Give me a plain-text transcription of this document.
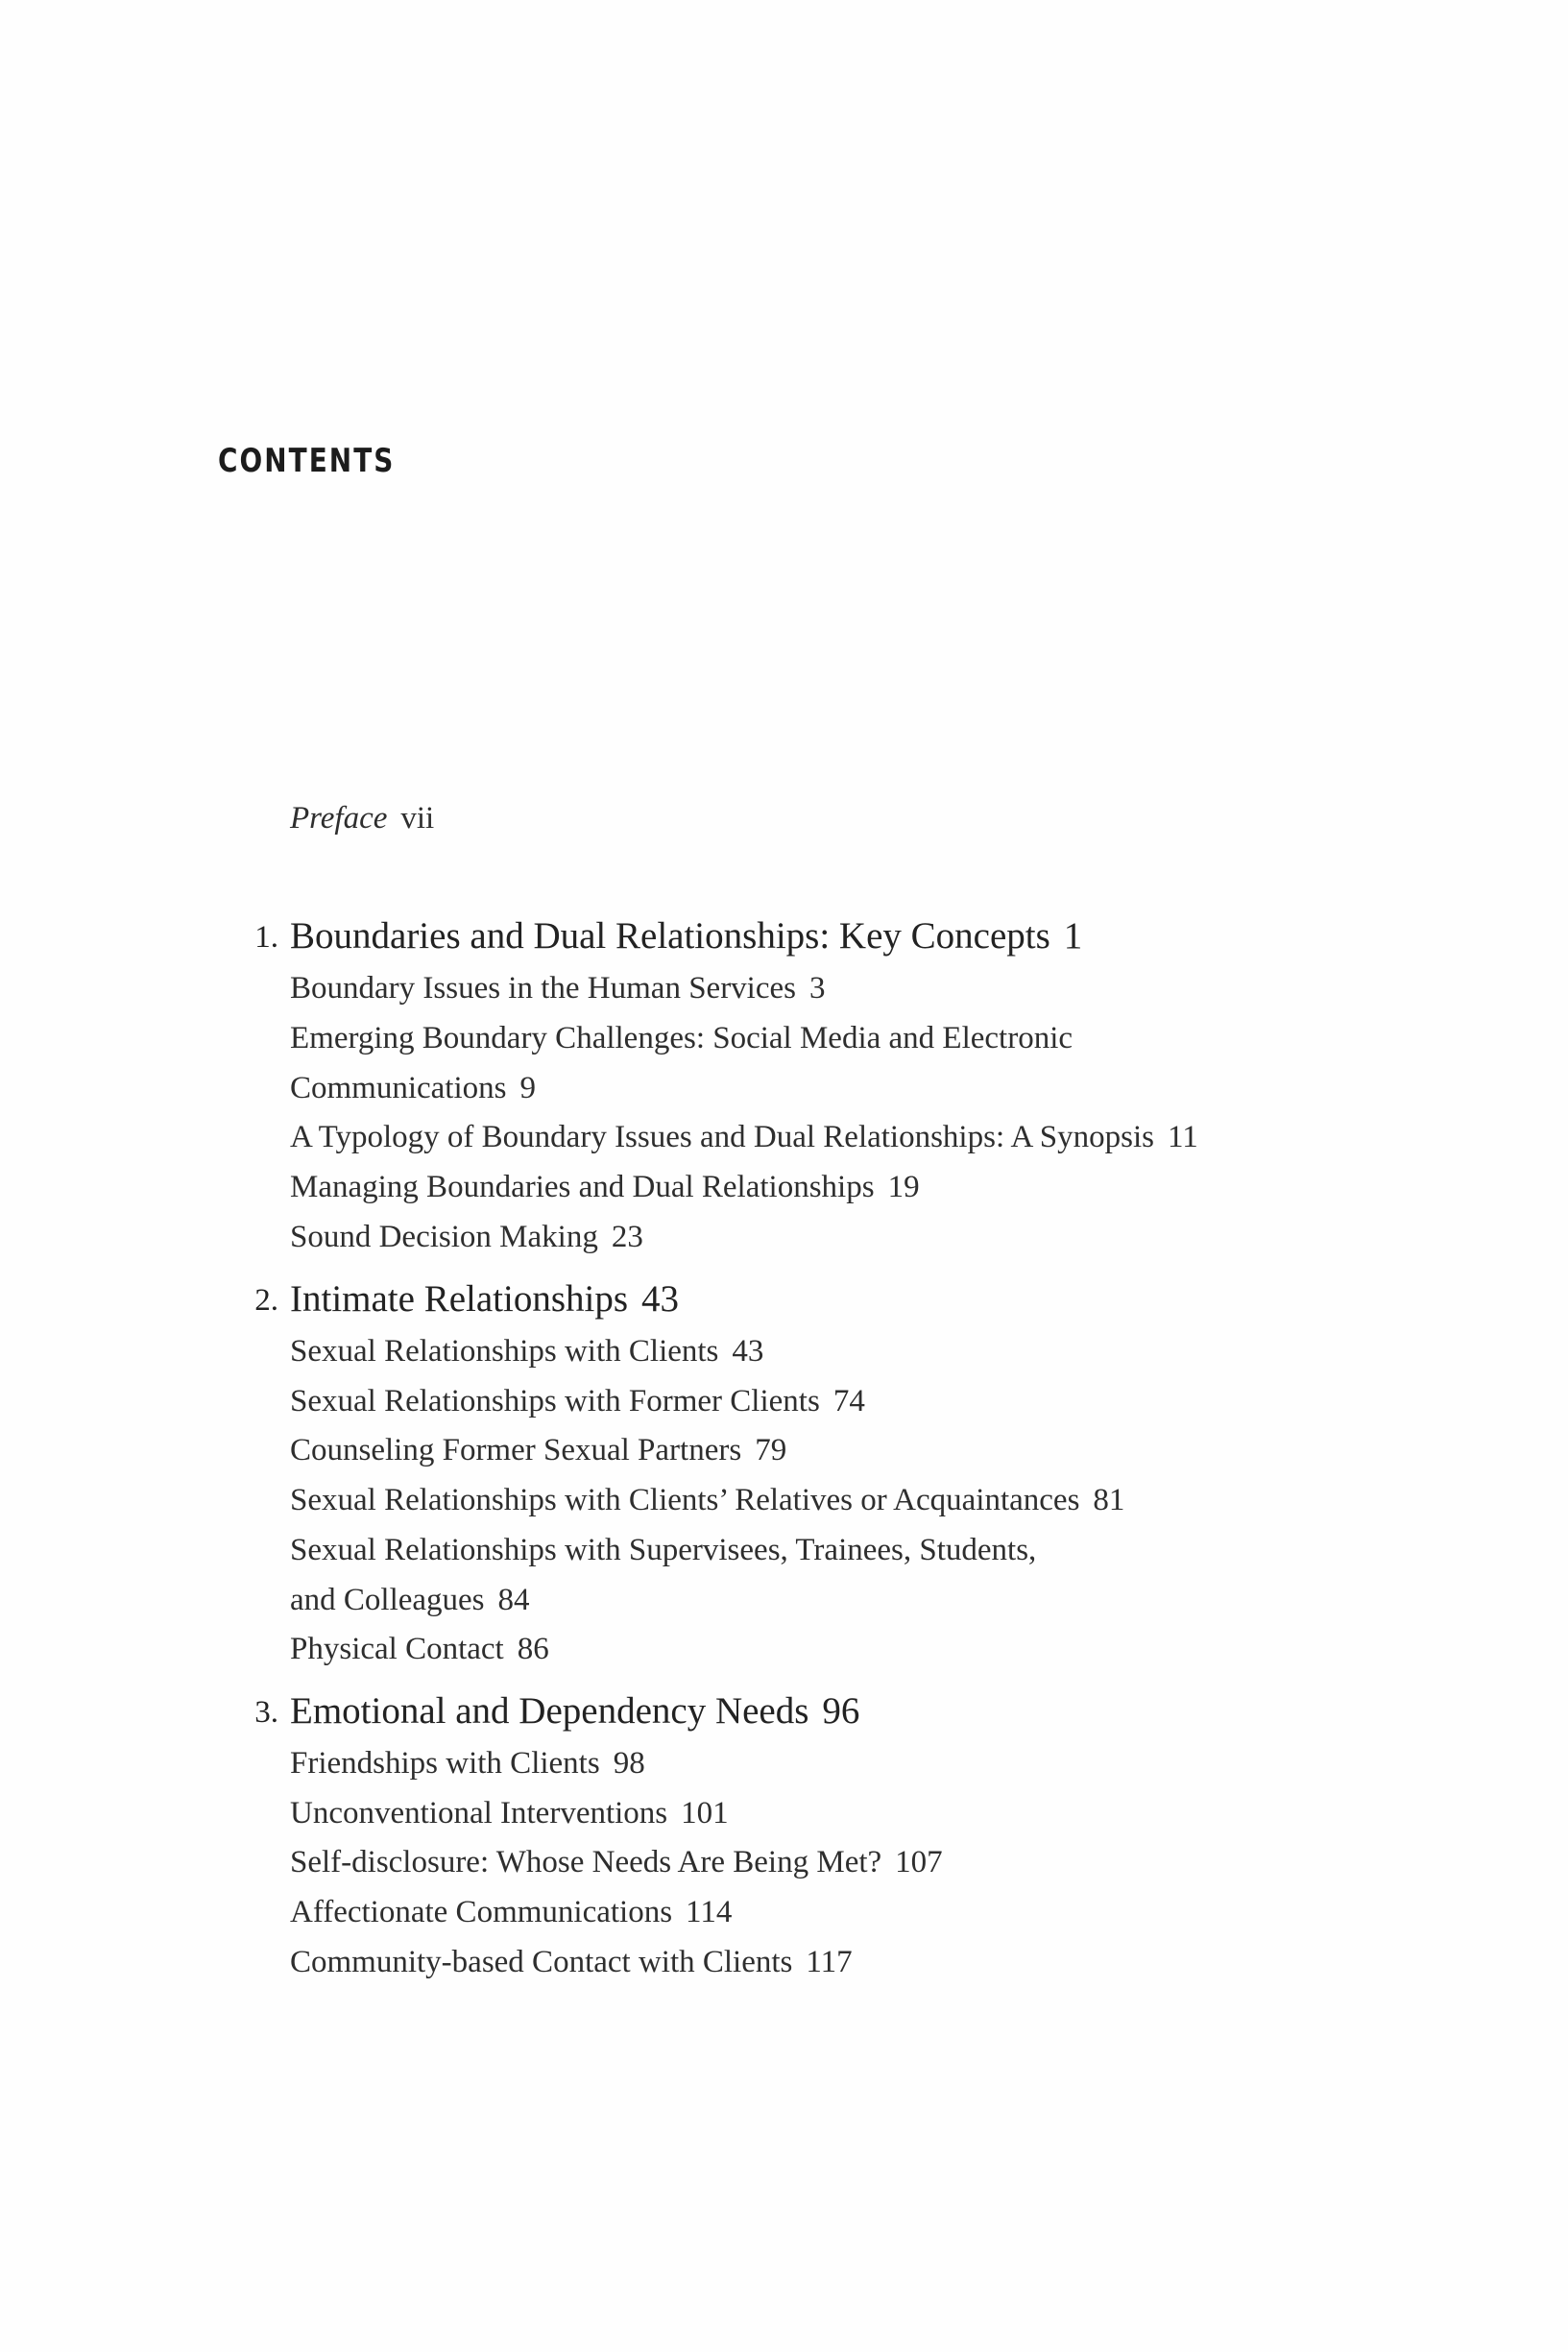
CONTENTS
Preface vii
1. Boundaries and Dual Relationships: Key Concepts 1
Boundary Issues in the Human Services 3
Emerging Boundary Challenges: Social Media and Electronic
Communications 9
A Typology of Boundary Issues and Dual Relationships: A Synopsis 11
Managing Boundaries and Dual Relationships 19
Sound Decision Making 23
2. Intimate Relationships 43
Sexual Relationships with Clients 43
Sexual Relationships with Former Clients 74
Counseling Former Sexual Partners 79
Sexual Relationships with Clients’ Relatives or Acquaintances 81
Sexual Relationships with Supervisees, Trainees, Students,
and Colleagues 84
Physical Contact 86
3. Emotional and Dependency Needs 96
Friendships with Clients 98
Unconventional Interventions 101
Self-disclosure: Whose Needs Are Being Met? 107
Affectionate Communications 114
Community-based Contact with Clients 117
